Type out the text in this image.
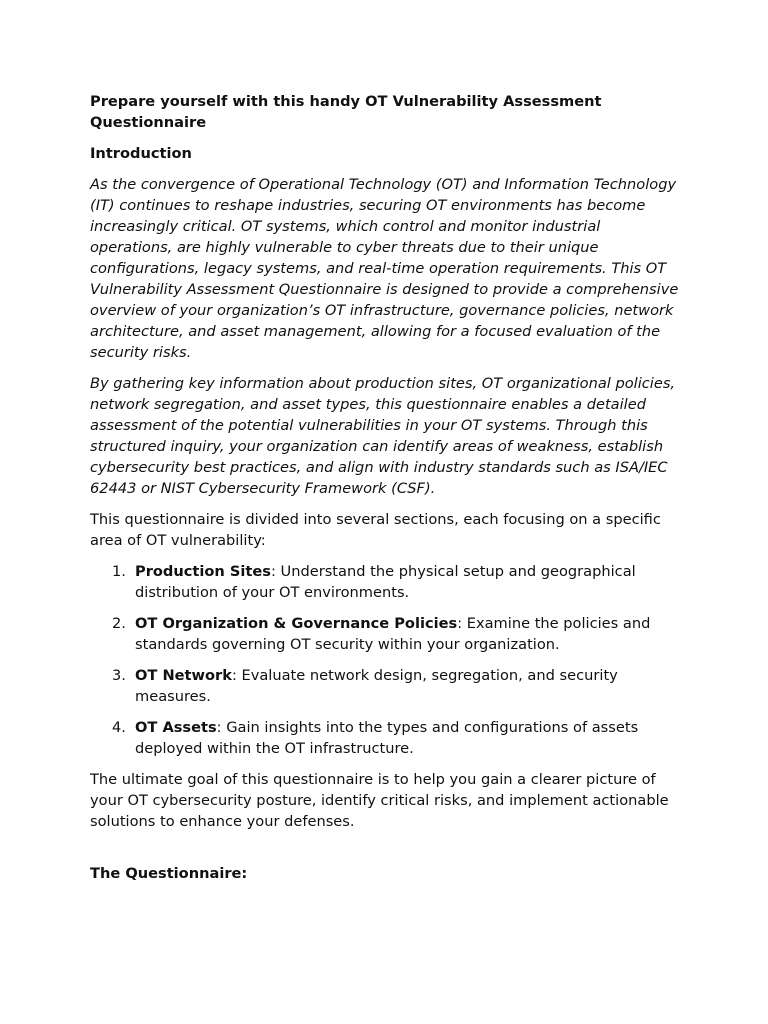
Prepare yourself with this handy OT Vulnerability Assessment Questionnaire

Introduction

As the convergence of Operational Technology (OT) and Information Technology (IT) continues to reshape industries, securing OT environments has become increasingly critical. OT systems, which control and monitor industrial operations, are highly vulnerable to cyber threats due to their unique configurations, legacy systems, and real-time operation requirements. This OT Vulnerability Assessment Questionnaire is designed to provide a comprehensive overview of your organization’s OT infrastructure, governance policies, network architecture, and asset management, allowing for a focused evaluation of the security risks.

By gathering key information about production sites, OT organizational policies, network segregation, and asset types, this questionnaire enables a detailed assessment of the potential vulnerabilities in your OT systems. Through this structured inquiry, your organization can identify areas of weakness, establish cybersecurity best practices, and align with industry standards such as ISA/IEC 62443 or NIST Cybersecurity Framework (CSF).

This questionnaire is divided into several sections, each focusing on a specific area of OT vulnerability:

1. Production Sites: Understand the physical setup and geographical distribution of your OT environments.
2. OT Organization & Governance Policies: Examine the policies and standards governing OT security within your organization.
3. OT Network: Evaluate network design, segregation, and security measures.
4. OT Assets: Gain insights into the types and configurations of assets deployed within the OT infrastructure.

The ultimate goal of this questionnaire is to help you gain a clearer picture of your OT cybersecurity posture, identify critical risks, and implement actionable solutions to enhance your defenses.

The Questionnaire:
